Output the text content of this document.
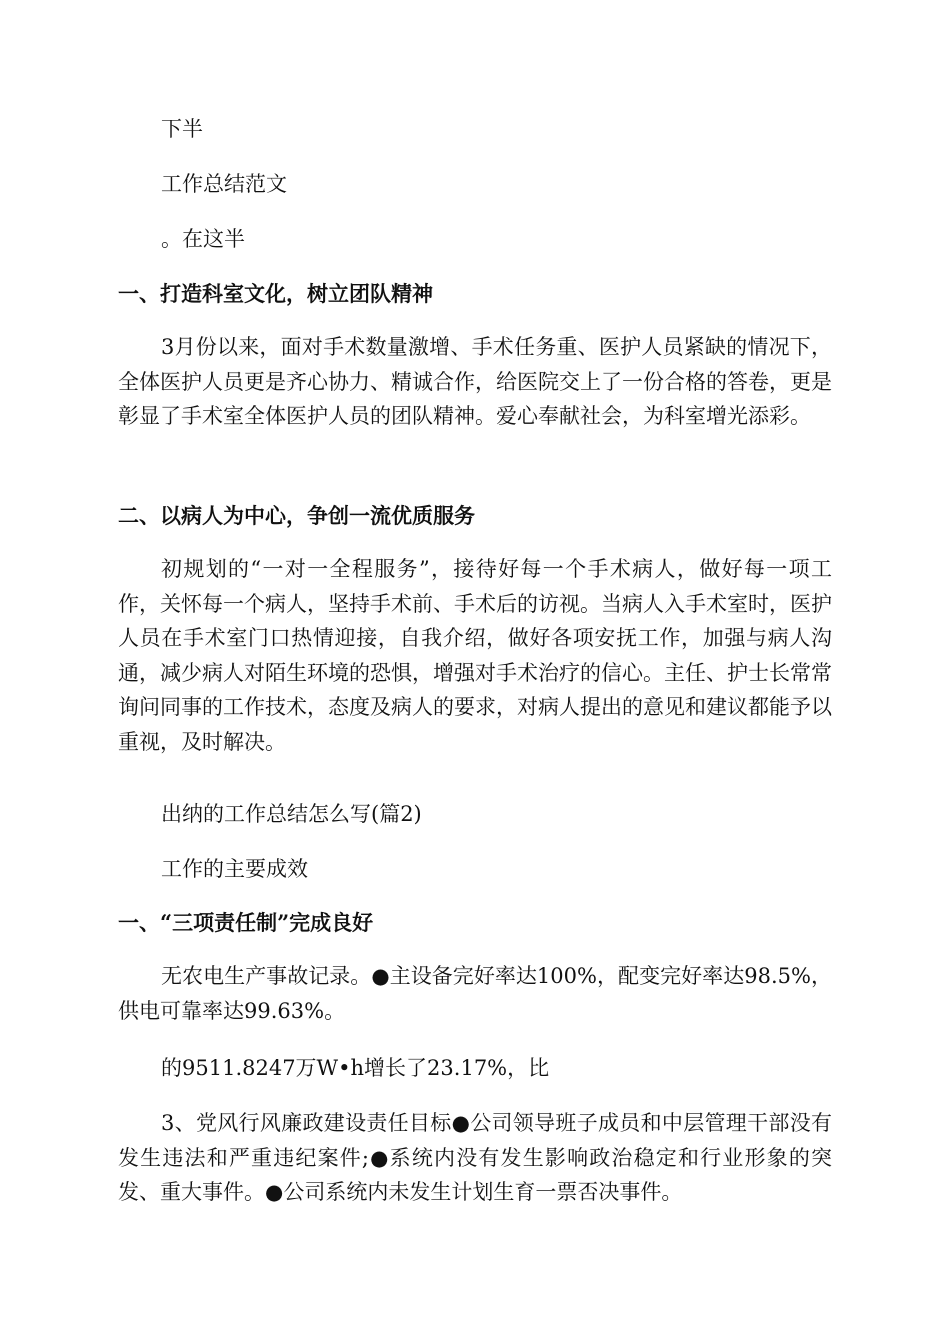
下半
工作总结范文
。在这半
一、打造科室文化，树立团队精神
3月份以来，面对手术数量激增、手术任务重、医护人员紧缺的情况下，全体医护人员更是齐心协力、精诚合作，给医院交上了一份合格的答卷，更是彰显了手术室全体医护人员的团队精神。爱心奉献社会，为科室增光添彩。
二、以病人为中心，争创一流优质服务
初规划的“一对一全程服务”，接待好每一个手术病人，做好每一项工作，关怀每一个病人，坚持手术前、手术后的访视。当病人入手术室时，医护人员在手术室门口热情迎接，自我介绍，做好各项安抚工作，加强与病人沟通，减少病人对陌生环境的恐惧，增强对手术治疗的信心。主任、护士长常常询问同事的工作技术，态度及病人的要求，对病人提出的意见和建议都能予以重视，及时解决。
出纳的工作总结怎么写(篇2)
工作的主要成效
一、“三项责任制”完成良好
无农电生产事故记录。●主设备完好率达100%，配变完好率达98.5%，供电可靠率达99.63%。
的9511.8247万W•h增长了23.17%，比
3、党风行风廉政建设责任目标●公司领导班子成员和中层管理干部没有发生违法和严重违纪案件;●系统内没有发生影响政治稳定和行业形象的突发、重大事件。●公司系统内未发生计划生育一票否决事件。
